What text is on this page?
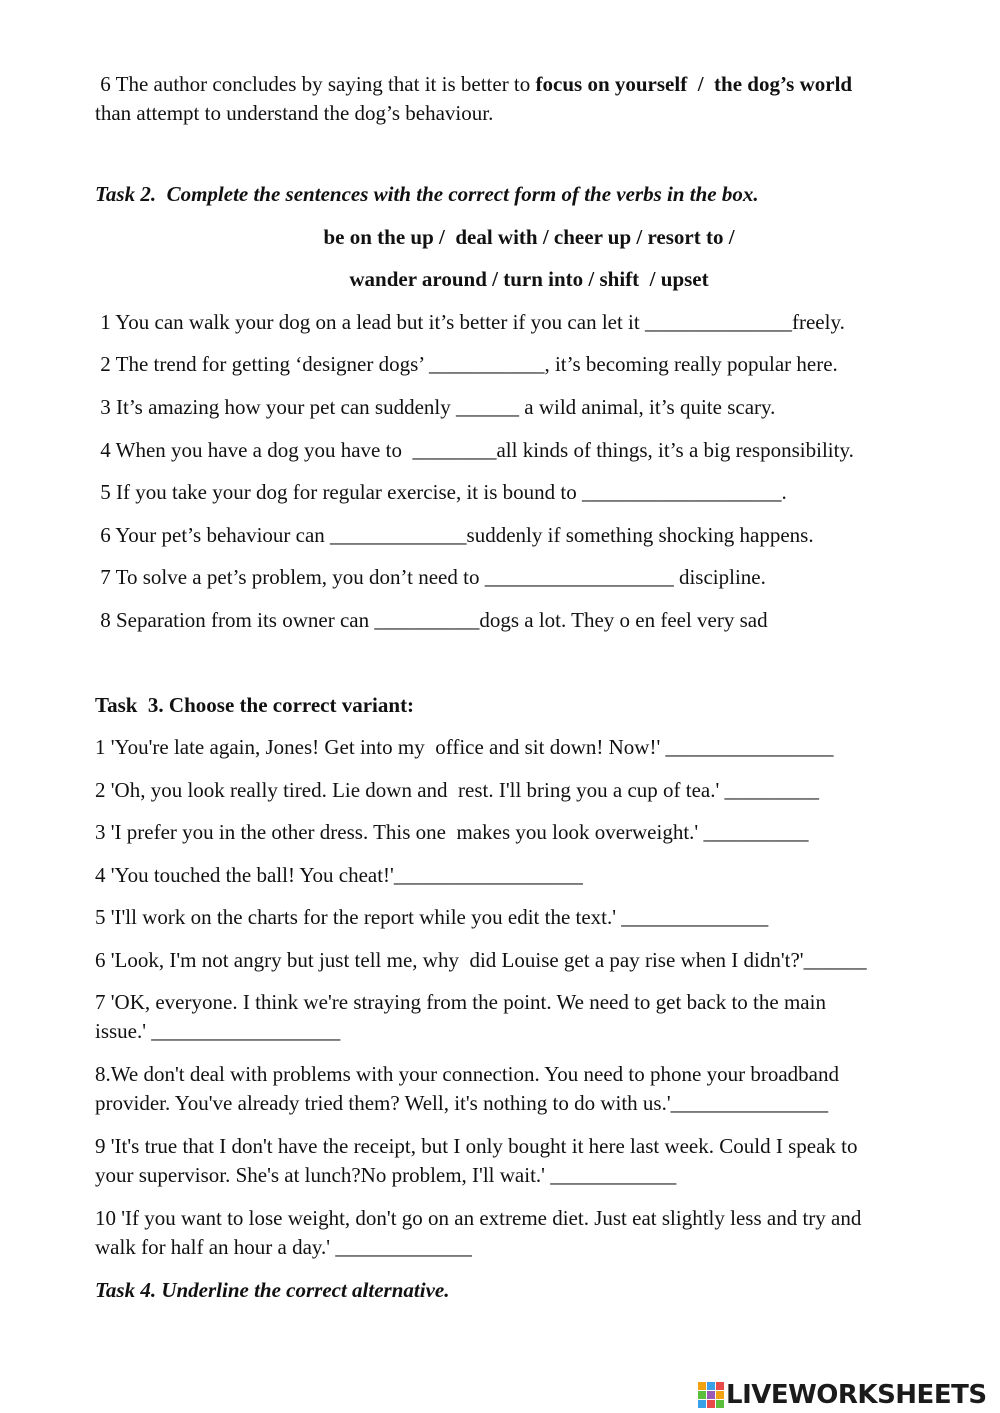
6 The author concludes by saying that it is better to focus on yourself  /  the dog’s world
than attempt to understand the dog’s behaviour.
Task 2.  Complete the sentences with the correct form of the verbs in the box.
be on the up /  deal with / cheer up / resort to /
wander around / turn into / shift  / upset
1 You can walk your dog on a lead but it’s better if you can let it ______________freely.
2 The trend for getting ‘designer dogs’ ___________, it’s becoming really popular here.
3 It’s amazing how your pet can suddenly ______ a wild animal, it’s quite scary.
4 When you have a dog you have to  ________all kinds of things, it’s a big responsibility.
5 If you take your dog for regular exercise, it is bound to ___________________.
6 Your pet’s behaviour can _____________suddenly if something shocking happens.
7 To solve a pet’s problem, you don’t need to __________________ discipline.
8 Separation from its owner can __________dogs a lot. They o en feel very sad
Task  3. Choose the correct variant:
1 'You're late again, Jones! Get into my  office and sit down! Now!' ________________
2 'Oh, you look really tired. Lie down and  rest. I'll bring you a cup of tea.' _________
3 'I prefer you in the other dress. This one  makes you look overweight.' __________
4 'You touched the ball! You cheat!'__________________
5 'I'll work on the charts for the report while you edit the text.' ______________
6 'Look, I'm not angry but just tell me, why  did Louise get a pay rise when I didn't?'______
7 'OK, everyone. I think we're straying from the point. We need to get back to the main
issue.' __________________
8.We don't deal with problems with your connection. You need to phone your broadband
provider. You've already tried them? Well, it's nothing to do with us.'_______________
9 'It's true that I don't have the receipt, but I only bought it here last week. Could I speak to
your supervisor. She's at lunch?No problem, I'll wait.' ____________
10 'If you want to lose weight, don't go on an extreme diet. Just eat slightly less and try and
walk for half an hour a day.' _____________
Task 4. Underline the correct alternative.
LIVEWORKSHEETS
